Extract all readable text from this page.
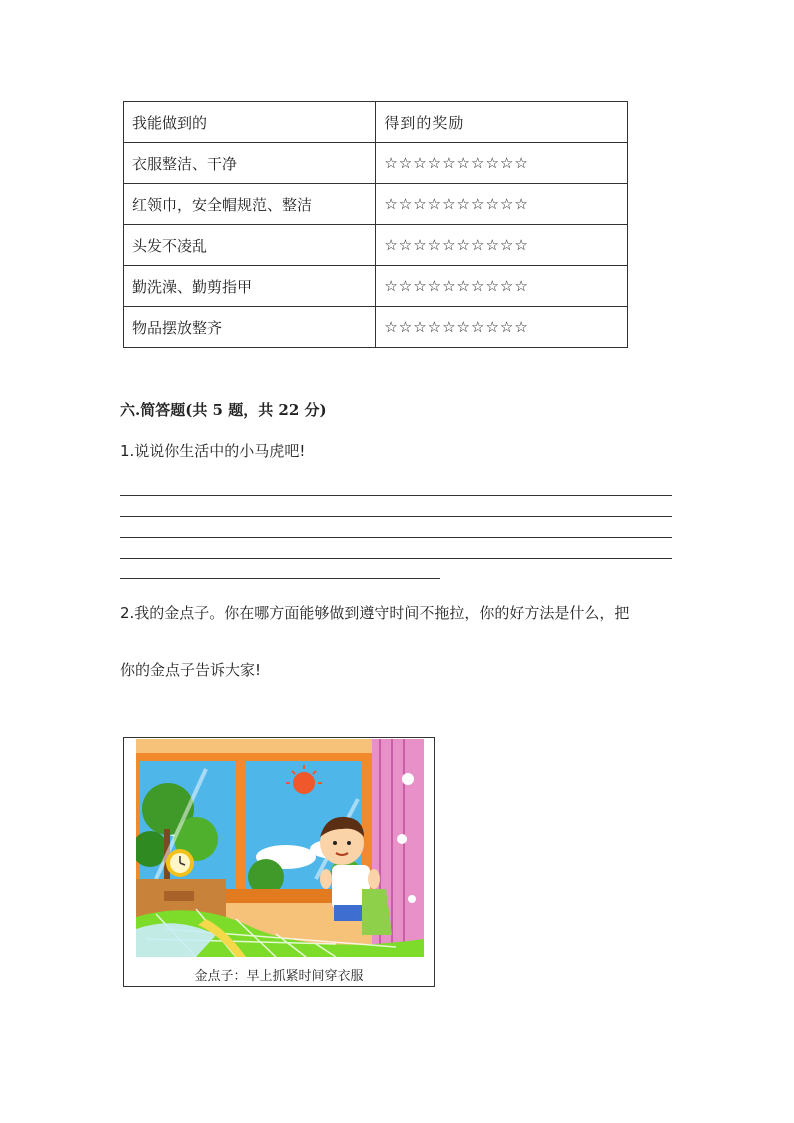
我能做到的	得到的奖励
衣服整洁、干净	☆☆☆☆☆☆☆☆☆☆
红领巾，安全帽规范、整洁	☆☆☆☆☆☆☆☆☆☆
头发不凌乱	☆☆☆☆☆☆☆☆☆☆
勤洗澡、勤剪指甲	☆☆☆☆☆☆☆☆☆☆
物品摆放整齐	☆☆☆☆☆☆☆☆☆☆
六.简答题(共 5 题，共 22 分)
1.说说你生活中的小马虎吧!
2.我的金点子。你在哪方面能够做到遵守时间不拖拉，你的好方法是什么，把
你的金点子告诉大家!
金点子：早上抓紧时间穿衣服
